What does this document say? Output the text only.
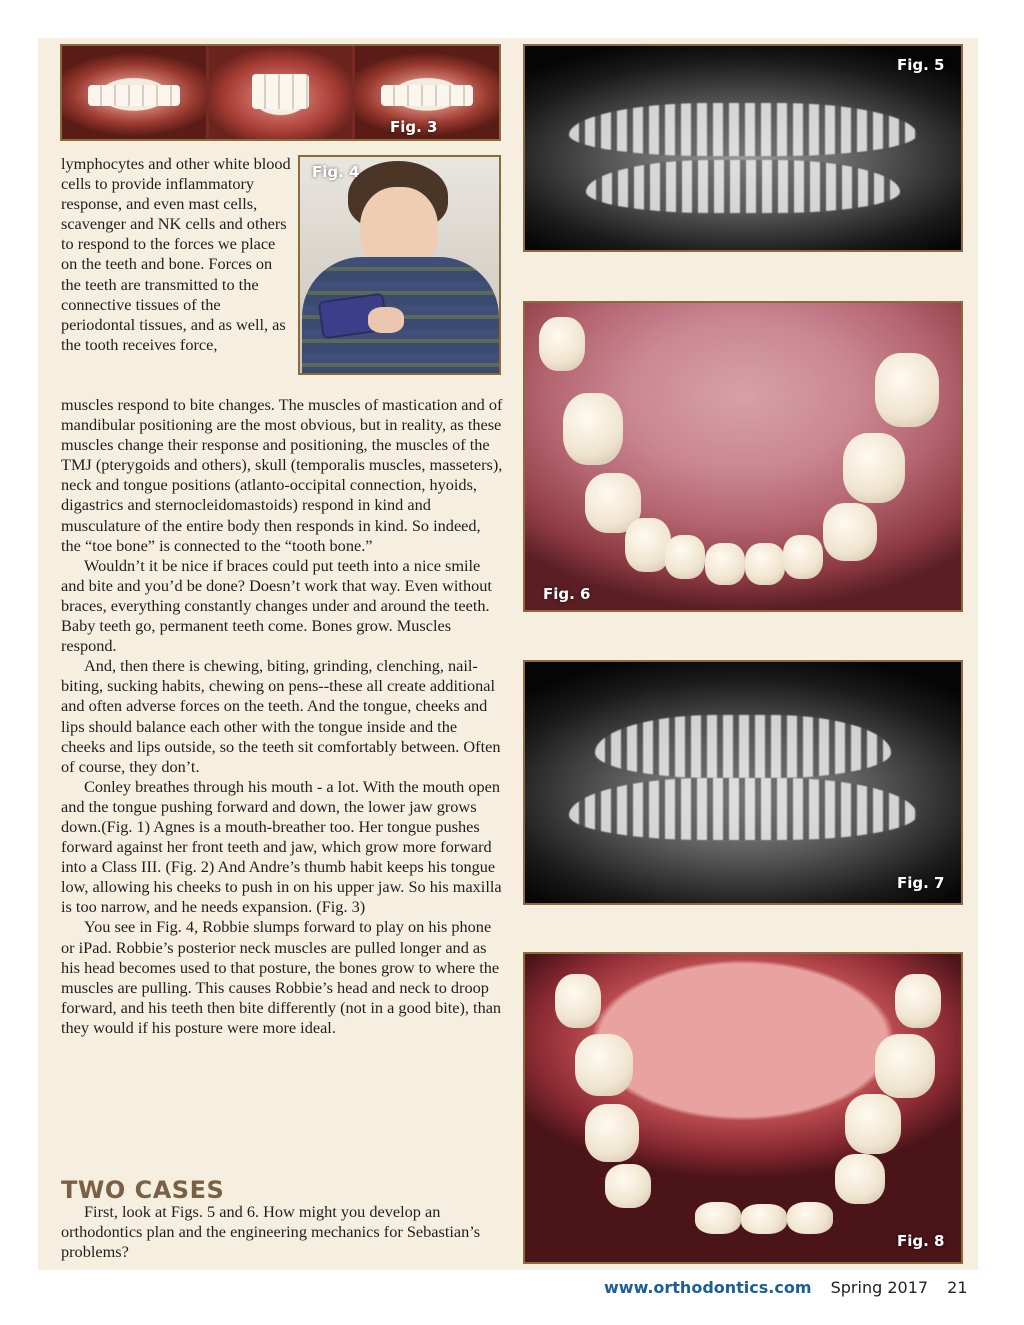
Fig. 3
Fig. 4
Fig. 5
Fig. 6
Fig. 7
Fig. 8

lymphocytes and other white blood cells to provide inflammatory response, and even mast cells, scavenger and NK cells and others to respond to the forces we place on the teeth and bone. Forces on the teeth are transmitted to the connective tissues of the periodontal tissues, and as well, as the tooth receives force,

muscles respond to bite changes. The muscles of mastication and of mandibular positioning are the most obvious, but in reality, as these muscles change their response and positioning, the muscles of the TMJ (pterygoids and others), skull (temporalis muscles, masseters), neck and tongue positions (atlanto-occipital connection, hyoids, digastrics and sternocleidomastoids) respond in kind and musculature of the entire body then responds in kind. So indeed, the “toe bone” is connected to the “tooth bone.”

Wouldn’t it be nice if braces could put teeth into a nice smile and bite and you’d be done? Doesn’t work that way. Even without braces, everything constantly changes under and around the teeth. Baby teeth go, permanent teeth come. Bones grow. Muscles respond.

And, then there is chewing, biting, grinding, clenching, nail-biting, sucking habits, chewing on pens--these all create additional and often adverse forces on the teeth. And the tongue, cheeks and lips should balance each other with the tongue inside and the cheeks and lips outside, so the teeth sit comfortably between. Often of course, they don’t.

Conley breathes through his mouth - a lot. With the mouth open and the tongue pushing forward and down, the lower jaw grows down.(Fig. 1) Agnes is a mouth-breather too. Her tongue pushes forward against her front teeth and jaw, which grow more forward into a Class III. (Fig. 2) And Andre’s thumb habit keeps his tongue low, allowing his cheeks to push in on his upper jaw. So his maxilla is too narrow, and he needs expansion. (Fig. 3)

You see in Fig. 4, Robbie slumps forward to play on his phone or iPad. Robbie’s posterior neck muscles are pulled longer and as his head becomes used to that posture, the bones grow to where the muscles are pulling. This causes Robbie’s head and neck to droop forward, and his teeth then bite differently (not in a good bite), than they would if his posture were more ideal.

TWO CASES

First, look at Figs. 5 and 6. How might you develop an orthodontics plan and the engineering mechanics for Sebastian’s problems?

www.orthodontics.com Spring 2017 21
